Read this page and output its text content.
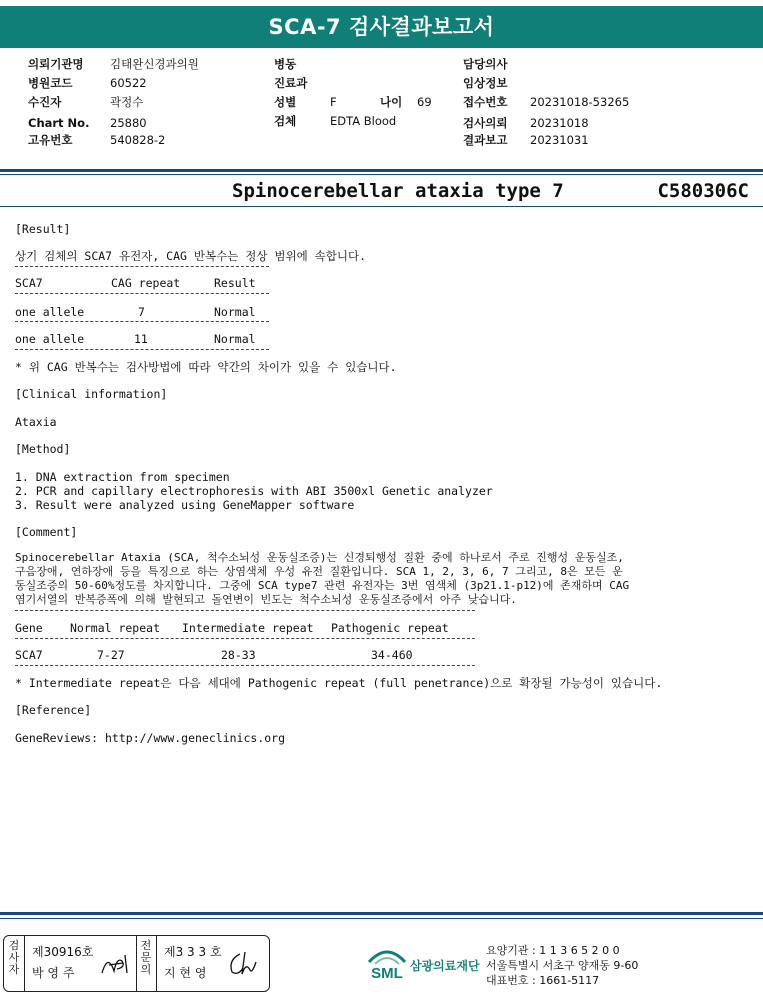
SCA-7 검사결과보고서
의뢰기관명 김태완신경과의원
병원코드	60522
수진자	곽정수
Chart No. 25880
고유번호	540828-2
병동
진료과
성별	F	나이 69
검체	EDTA Blood
담당의사
임상정보
접수번호 20231018-53265
검사의뢰 20231018
결과보고 20231031
Spinocerebellar ataxia type 7	C580306C
[Result]
상기 검체의 SCA7 유전자, CAG 반복수는 정상 범위에 속합니다.
SCA7	CAG repeat	Result
one allele	7	Normal
one allele	11	Normal
* 위 CAG 반복수는 검사방법에 따라 약간의 차이가 있을 수 있습니다.
[Clinical information]
Ataxia
[Method]
1. DNA extraction from specimen
2. PCR and capillary electrophoresis with ABI 3500xl Genetic analyzer
3. Result were analyzed using GeneMapper software
[Comment]
Spinocerebellar Ataxia (SCA, 척수소뇌성 운동실조증)는 신경퇴행성 질환 중에 하나로서 주로 진행성 운동실조,
구음장애, 연하장애 등을 특징으로 하는 상염색체 우성 유전 질환입니다. SCA 1, 2, 3, 6, 7 그리고, 8은 모든 운
동실조증의 50-60%정도를 차지합니다. 그중에 SCA type7 관련 유전자는 3번 염색체 (3p21.1-p12)에 존재하며 CAG
염기서열의 반복증폭에 의해 발현되고 돌연변이 빈도는 척수소뇌성 운동실조증에서 아주 낮습니다.
Gene Normal repeat Intermediate repeat Pathogenic repeat
SCA7	7-27	28-33	34-460
* Intermediate repeat은 다음 세대에 Pathogenic repeat (full penetrance)으로 확장될 가능성이 있습니다.
[Reference]
GeneReviews: http://www.geneclinics.org
검
사
자
제30916호
박 영 주
전
문
의
제3 3 3 호
지 현 영	SML 삼광의료재단
요양기관 : 1 1 3 6 5 2 0 0
서울특별시 서초구 양재동 9-60
대표번호 : 1661-5117
